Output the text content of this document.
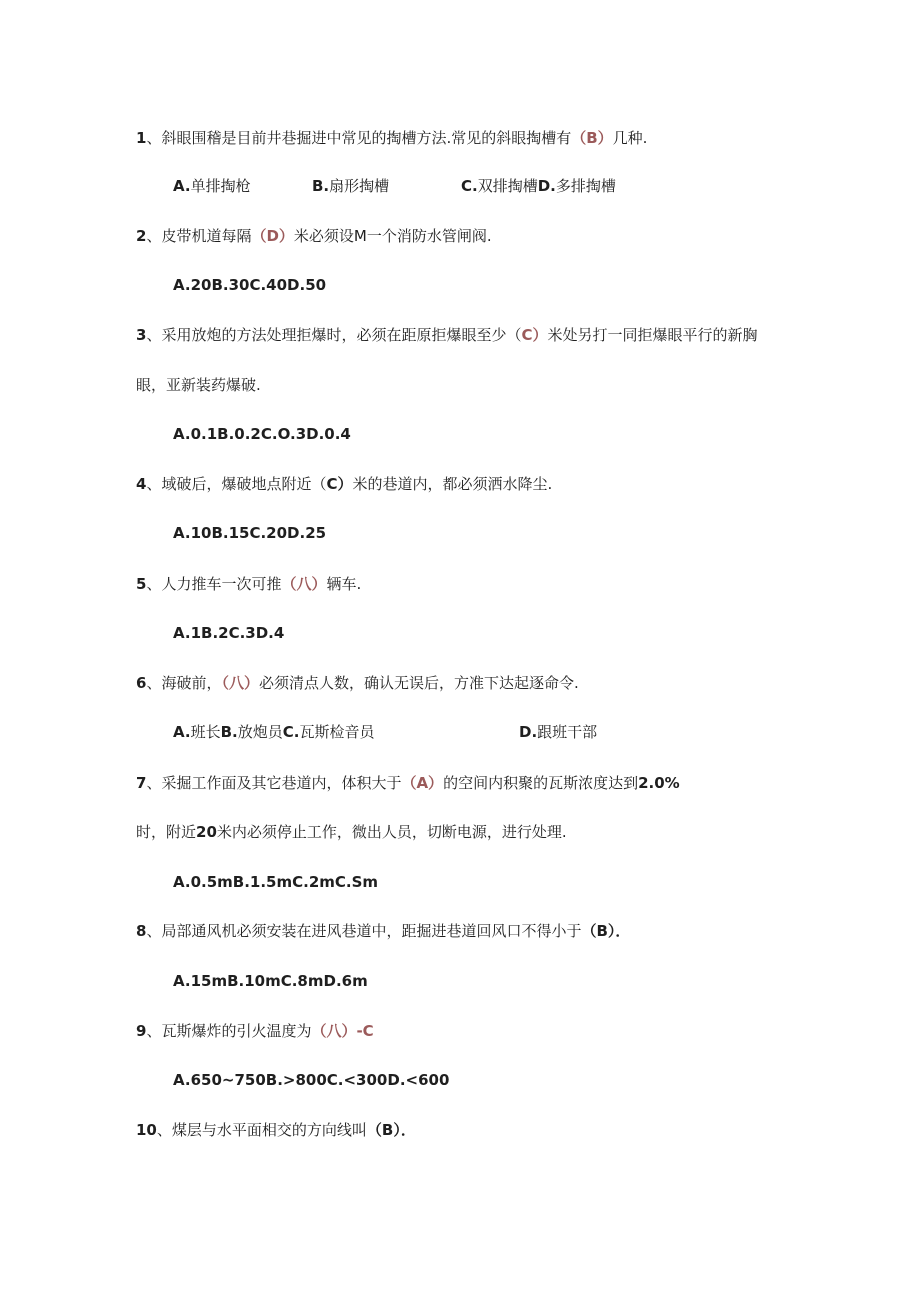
1、斜眼围稽是目前井巷掘进中常见的掏槽方法.常见的斜眼掏槽有（B）几种.
A.单排掏枪	B.扇形掏槽	C.双排掏槽D.多排掏槽
2、皮带机道每隔（D）米必须设M一个消防水管闸阀.
A.20B.30C.40D.50
3、采用放炮的方法处理拒爆时，必须在距原拒爆眼至少（C）米处另打一同拒爆眼平行的新胸
眼，亚新装药爆破.
A.0.1B.0.2C.O.3D.0.4
4、域破后，爆破地点附近（C）米的巷道内，都必须洒水降尘.
A.10B.15C.20D.25
5、人力推车一次可推（八）辆车.
A.1B.2C.3D.4
6、海破前，（八）必须清点人数，确认无误后，方准下达起逐命令.
A.班长B.放炮员C.瓦斯检音员	D.跟班干部
7、采掘工作面及其它巷道内，体积大于（A）的空间内积聚的瓦斯浓度达到2.0%
时，附近20米内必须停止工作，微出人员，切断电源，进行处理.
A.0.5mB.1.5mC.2mC.Sm
8、局部通风机必须安装在进风巷道中，距掘进巷道回风口不得小于（B）．
A.15mB.10mC.8mD.6m
9、瓦斯爆炸的引火温度为（八）-C
A.650~750B.>800C.<300D.<600
10、煤层与水平面相交的方向线叫（B）．
